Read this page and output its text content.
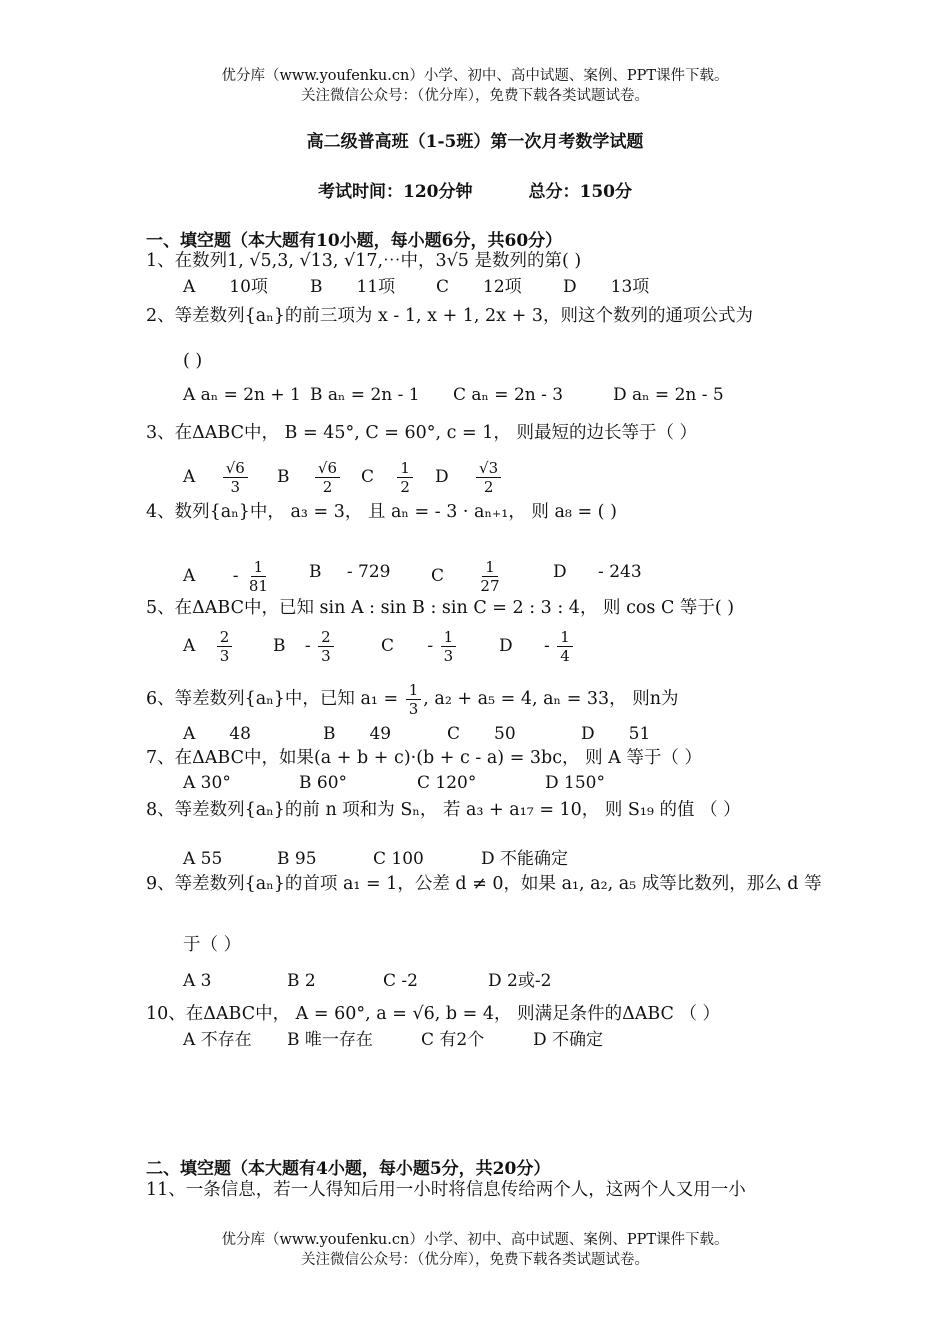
优分库（www.youfenku.cn）小学、初中、高中试题、案例、PPT课件下载。
关注微信公众号：（优分库），免费下载各类试题试卷。
高二级普高班（1-5班）第一次月考数学试题
考试时间：120分钟	总分：150分
一、填空题（本大题有10小题，每小题6分，共60分）
1、在数列1, √5,3, √13, √17,⋯中，3√5 是数列的第( )
A　　10项 B　　11项 C　　12项 D　　13项
2、等差数列{aₙ}的前三项为 x - 1, x + 1, 2x + 3，则这个数列的通项公式为
( )
A aₙ = 2n + 1 B aₙ = 2n - 1 C aₙ = 2n - 3	D aₙ = 2n - 5
3、在ΔABC中， B = 45°, C = 60°, c = 1， 则最短的边长等于（ ）
A $\frac{√6}{3}$ B $\frac{√6}{2}$ C $\frac{1}{2}$ D $\frac{√3}{2}$
4、数列{aₙ}中， a₃ = 3， 且 aₙ = - 3 · aₙ₊₁， 则 a₈ = ( )
A - $\frac{1}{81}$ B - 729 C $\frac{1}{27}$	D - 243
5、在ΔABC中，已知 sin A : sin B : sin C = 2 : 3 : 4， 则 cos C 等于( )
A $\frac{2}{3}$ B - $\frac{2}{3}$	C - $\frac{1}{3}$	D - $\frac{1}{4}$
6、等差数列{aₙ}中，已知 $a_1 = \frac{1}{3}$ , a₂ + a₅ = 4, aₙ = 33， 则n为
A　　48	B　　49	C　　50	D　　51
7、在ΔABC中，如果(a + b + c)·(b + c - a) = 3bc， 则 A 等于（ ）
A 30°	B 60°	C 120°	D 150°
8、等差数列{aₙ}的前 n 项和为 Sₙ， 若 a₃ + a₁₇ = 10， 则 S₁₉ 的值 （ ）
A 55	B 95	C 100	D 不能确定
9、等差数列{aₙ}的首项 a₁ = 1，公差 d ≠ 0，如果 a₁, a₂, a₅ 成等比数列，那么 d 等
于（ ）
A 3	B 2	C -2	D 2或-2
10、在ΔABC中， A = 60°, a = √6, b = 4， 则满足条件的ΔABC （ ）
A 不存在 B 唯一存在	C 有2个	D 不确定
二、填空题（本大题有4小题，每小题5分，共20分）
11、一条信息，若一人得知后用一小时将信息传给两个人，这两个人又用一小
优分库（www.youfenku.cn）小学、初中、高中试题、案例、PPT课件下载。
关注微信公众号：（优分库），免费下载各类试题试卷。
